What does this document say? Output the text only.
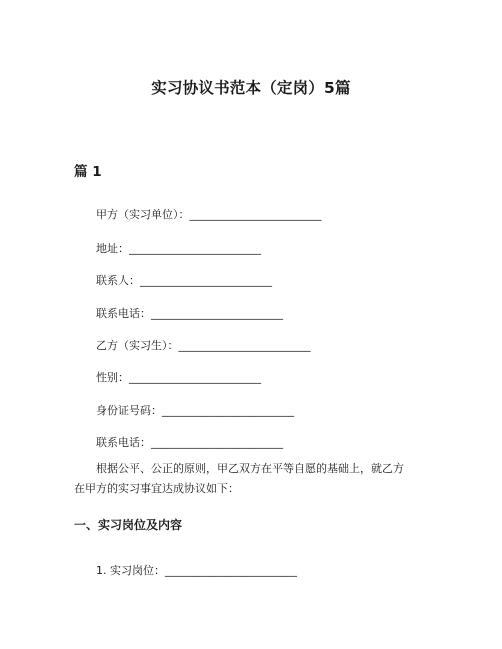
实习协议书范本（定岗）5篇
篇 1

甲方（实习单位）：________________________

地址：________________________

联系人：________________________

联系电话：________________________

乙方（实习生）：________________________

性别：________________________

身份证号码：________________________

联系电话：________________________

根据公平、公正的原则，甲乙双方在平等自愿的基础上，就乙方
在甲方的实习事宜达成协议如下：

一、实习岗位及内容

1. 实习岗位：________________________
